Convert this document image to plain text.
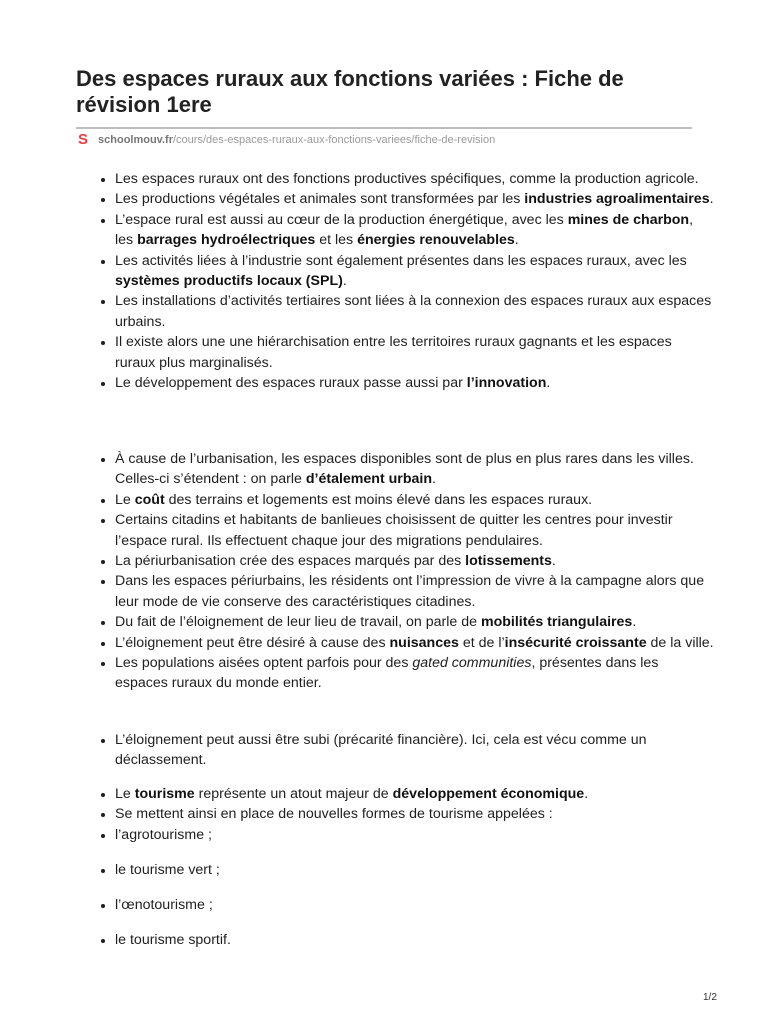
Des espaces ruraux aux fonctions variées : Fiche de révision 1ere
S schoolmouv.fr /cours/des-espaces-ruraux-aux-fonctions-variees/fiche-de-revision
• Les espaces ruraux ont des fonctions productives spécifiques, comme la production agricole.
• Les productions végétales et animales sont transformées par les industries agroalimentaires.
• L’espace rural est aussi au cœur de la production énergétique, avec les mines de charbon, les barrages hydroélectriques et les énergies renouvelables.
• Les activités liées à l’industrie sont également présentes dans les espaces ruraux, avec les systèmes productifs locaux (SPL).
• Les installations d’activités tertiaires sont liées à la connexion des espaces ruraux aux espaces urbains.
• Il existe alors une une hiérarchisation entre les territoires ruraux gagnants et les espaces ruraux plus marginalisés.
• Le développement des espaces ruraux passe aussi par l’innovation.
• À cause de l’urbanisation, les espaces disponibles sont de plus en plus rares dans les villes. Celles-ci s’étendent : on parle d’étalement urbain.
• Le coût des terrains et logements est moins élevé dans les espaces ruraux.
• Certains citadins et habitants de banlieues choisissent de quitter les centres pour investir l’espace rural. Ils effectuent chaque jour des migrations pendulaires.
• La périurbanisation crée des espaces marqués par des lotissements.
• Dans les espaces périurbains, les résidents ont l’impression de vivre à la campagne alors que leur mode de vie conserve des caractéristiques citadines.
• Du fait de l’éloignement de leur lieu de travail, on parle de mobilités triangulaires.
• L’éloignement peut être désiré à cause des nuisances et de l’insécurité croissante de la ville.
• Les populations aisées optent parfois pour des gated communities, présentes dans les espaces ruraux du monde entier.
• L’éloignement peut aussi être subi (précarité financière). Ici, cela est vécu comme un déclassement.
• Le tourisme représente un atout majeur de développement économique.
• Se mettent ainsi en place de nouvelles formes de tourisme appelées :
• l’agrotourisme ;
• le tourisme vert ;
• l’œnotourisme ;
• le tourisme sportif.
1/2
